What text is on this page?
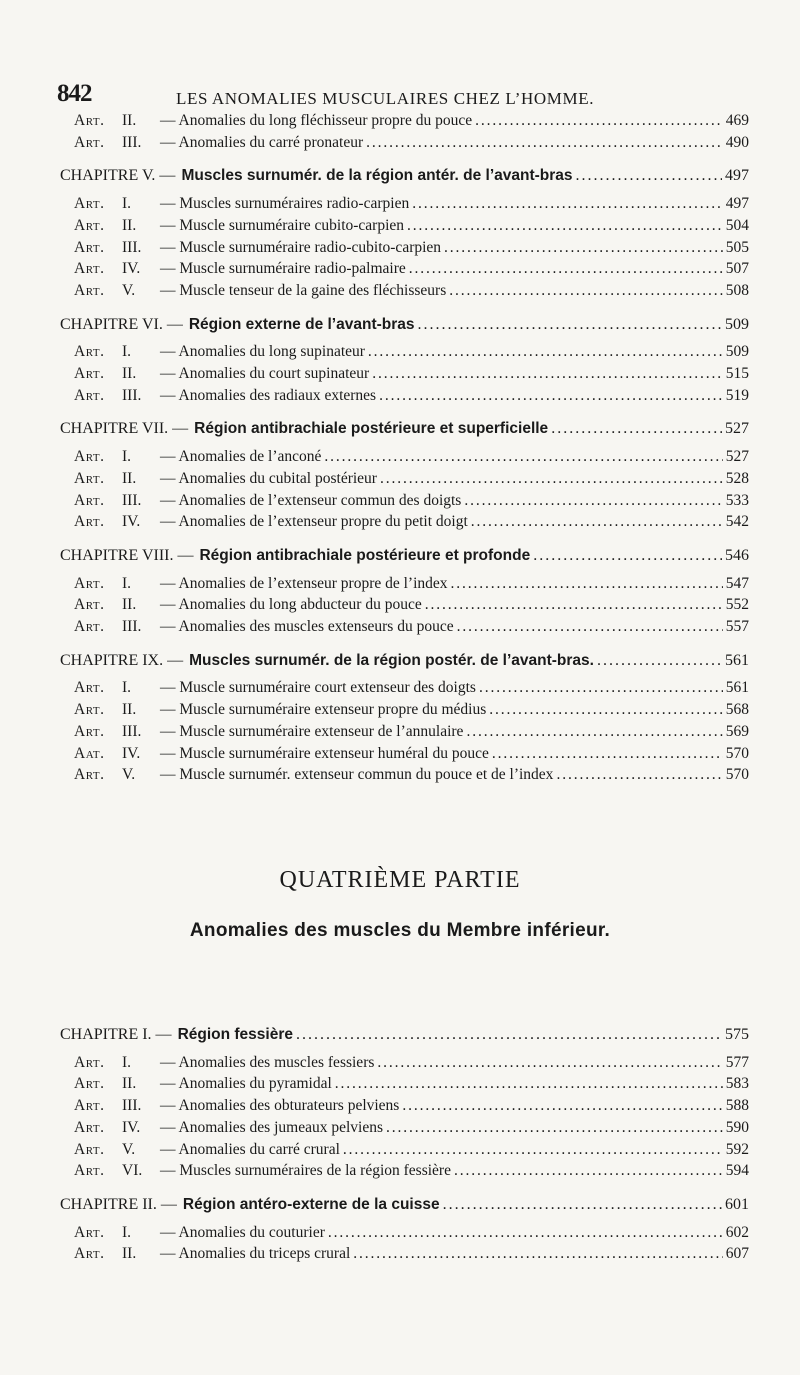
842	LES ANOMALIES MUSCULAIRES CHEZ L’HOMME.
Art. II. — Anomalies du long fléchisseur propre du pouce . . .	469
Art. III. — Anomalies du carré pronateur . . .	490
CHAPITRE V. — Muscles surnumér. de la région antér. de l’avant-bras . . .	497
Art. I. — Muscles surnuméraires radio-carpien . . .	497
Art. II. — Muscle surnuméraire cubito-carpien . . .	504
Art. III. — Muscle surnuméraire radio-cubito-carpien . . .	505
Art. IV. — Muscle surnuméraire radio-palmaire . . .	507
Art. V. — Muscle tenseur de la gaine des fléchisseurs . . .	508
CHAPITRE VI. — Région externe de l’avant-bras . . .	509
Art. I. — Anomalies du long supinateur . . .	509
Art. II. — Anomalies du court supinateur . . .	515
Art. III. — Anomalies des radiaux externes . . .	519
CHAPITRE VII. — Région antibrachiale postérieure et superficielle . . .	527
Art. I. — Anomalies de l’anconé . . .	527
Art. II. — Anomalies du cubital postérieur . . .	528
Art. III. — Anomalies de l’extenseur commun des doigts . . .	533
Art. IV. — Anomalies de l’extenseur propre du petit doigt . . .	542
CHAPITRE VIII. — Région antibrachiale postérieure et profonde . . .	546
Art. I. — Anomalies de l’extenseur propre de l’index . . .	547
Art. II. — Anomalies du long abducteur du pouce . . .	552
Art. III. — Anomalies des muscles extenseurs du pouce . . .	557
CHAPITRE IX. — Muscles surnumér. de la région postér. de l’avant-bras. . . .	561
Art. I. — Muscle surnuméraire court extenseur des doigts . . .	561
Art. II. — Muscle surnuméraire extenseur propre du médius . . .	568
Art. III. — Muscle surnuméraire extenseur de l’annulaire . . .	569
Aat. IV. — Muscle surnuméraire extenseur huméral du pouce . . .	570
Art. V. — Muscle surnumér. extenseur commun du pouce et de l’index . . .	570
QUATRIÈME PARTIE
Anomalies des muscles du Membre inférieur.
CHAPITRE I. — Région fessière . . .	575
Art. I. — Anomalies des muscles fessiers . . .	577
Art. II. — Anomalies du pyramidal . . .	583
Art. III. — Anomalies des obturateurs pelviens . . .	588
Art. IV. — Anomalies des jumeaux pelviens . . .	590
Art. V. — Anomalies du carré crural . . .	592
Art. VI. — Muscles surnuméraires de la région fessière . . .	594
CHAPITRE II. — Région antéro-externe de la cuisse . . .	601
Art. I. — Anomalies du couturier . . .	602
Art. II. — Anomalies du triceps crural . . .	607
